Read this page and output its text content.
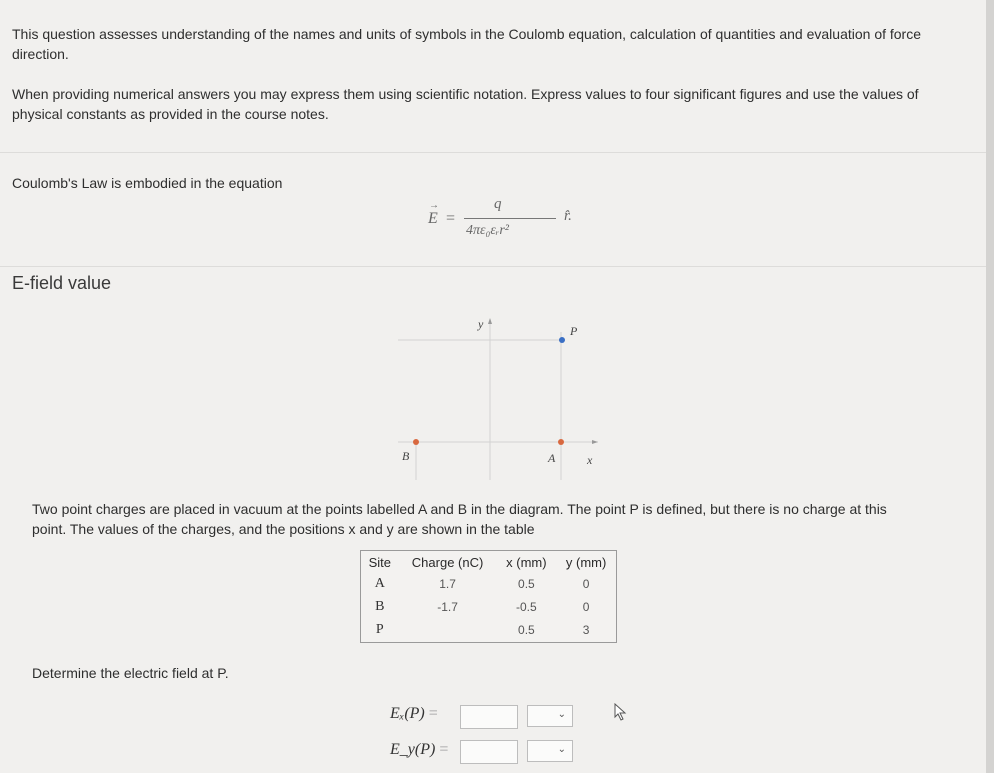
This question assesses understanding of the names and units of symbols in the Coulomb equation, calculation of quantities and evaluation of force direction.
When providing numerical answers you may express them using scientific notation. Express values to four significant figures and use the values of physical constants as provided in the course notes.
Coulomb's Law is embodied in the equation
E
→
=
q
4πε₀εᵣr²
r̂.
E-field value
y
x
P
A
B
Two point charges are placed in vacuum at the points labelled A and B in the diagram. The point P is defined, but there is no charge at this
point. The values of the charges, and the positions x and y are shown in the table
Site	Charge (nC)	x (mm)	y (mm)
A	1.7	0.5	0
B	-1.7	-0.5	0
P		0.5	3
Determine the electric field at P.
Eₓ(P) =	⌄
E_y(P) =	⌄
